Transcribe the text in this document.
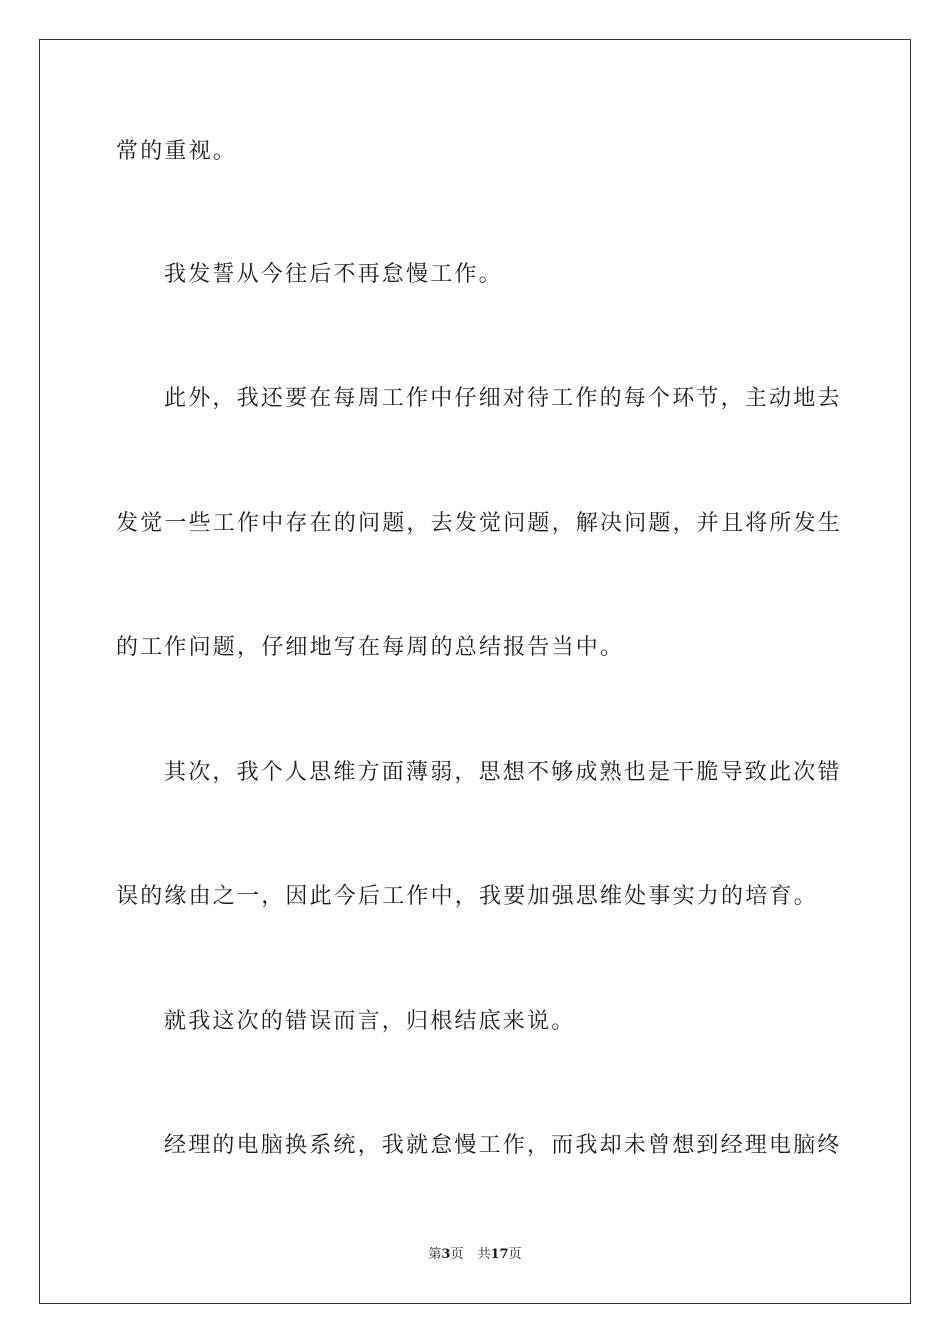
常的重视。
我发誓从今往后不再怠慢工作。
此外，我还要在每周工作中仔细对待工作的每个环节，主动地去
发觉一些工作中存在的问题，去发觉问题，解决问题，并且将所发生
的工作问题，仔细地写在每周的总结报告当中。
其次，我个人思维方面薄弱，思想不够成熟也是干脆导致此次错
误的缘由之一，因此今后工作中，我要加强思维处事实力的培育。
就我这次的错误而言，归根结底来说。
经理的电脑换系统，我就怠慢工作，而我却未曾想到经理电脑终
第3页 共17页
